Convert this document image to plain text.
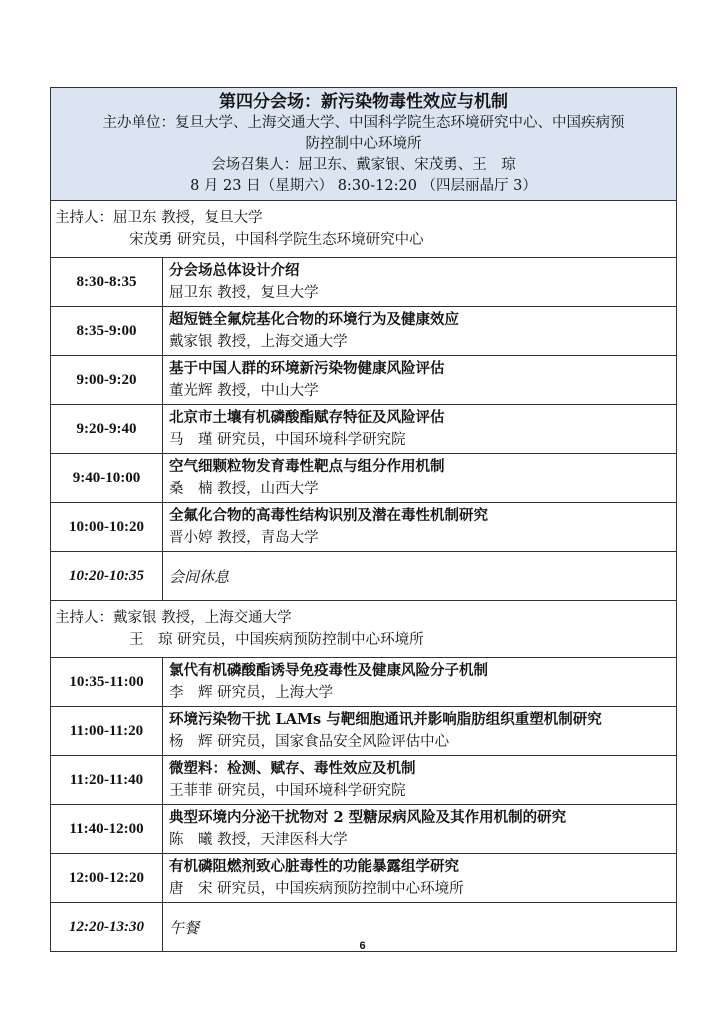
第四分会场：新污染物毒性效应与机制
主办单位：复旦大学、上海交通大学、中国科学院生态环境研究中心、中国疾病预
防控制中心环境所
会场召集人：屈卫东、戴家银、宋茂勇、王　琼
8 月 23 日（星期六） 8:30-12:20 （四层丽晶厅 3）	

主持人：屈卫东 教授，复旦大学
宋茂勇 研究员，中国科学院生态环境研究中心	

8:30-8:35	分会场总体设计介绍
屈卫东 教授，复旦大学

8:35-9:00	超短链全氟烷基化合物的环境行为及健康效应
戴家银 教授，上海交通大学

9:00-9:20	基于中国人群的环境新污染物健康风险评估
董光辉 教授，中山大学

9:20-9:40	北京市土壤有机磷酸酯赋存特征及风险评估
马　瑾 研究员，中国环境科学研究院

9:40-10:00	空气细颗粒物发育毒性靶点与组分作用机制
桑　楠 教授，山西大学

10:00-10:20	全氟化合物的高毒性结构识别及潜在毒性机制研究
晋小婷 教授，青岛大学

10:20-10:35	会间休息

主持人：戴家银 教授，上海交通大学
王　琼 研究员，中国疾病预防控制中心环境所	

10:35-11:00	氯代有机磷酸酯诱导免疫毒性及健康风险分子机制
李　辉 研究员，上海大学

11:00-11:20	环境污染物干扰 LAMs 与靶细胞通讯并影响脂肪组织重塑机制研究
杨　辉 研究员，国家食品安全风险评估中心

11:20-11:40	微塑料：检测、赋存、毒性效应及机制
王菲菲 研究员，中国环境科学研究院

11:40-12:00	典型环境内分泌干扰物对 2 型糖尿病风险及其作用机制的研究
陈　曦 教授，天津医科大学

12:00-12:20	有机磷阻燃剂致心脏毒性的功能暴露组学研究
唐　宋 研究员，中国疾病预防控制中心环境所

12:20-13:30	午餐
6
